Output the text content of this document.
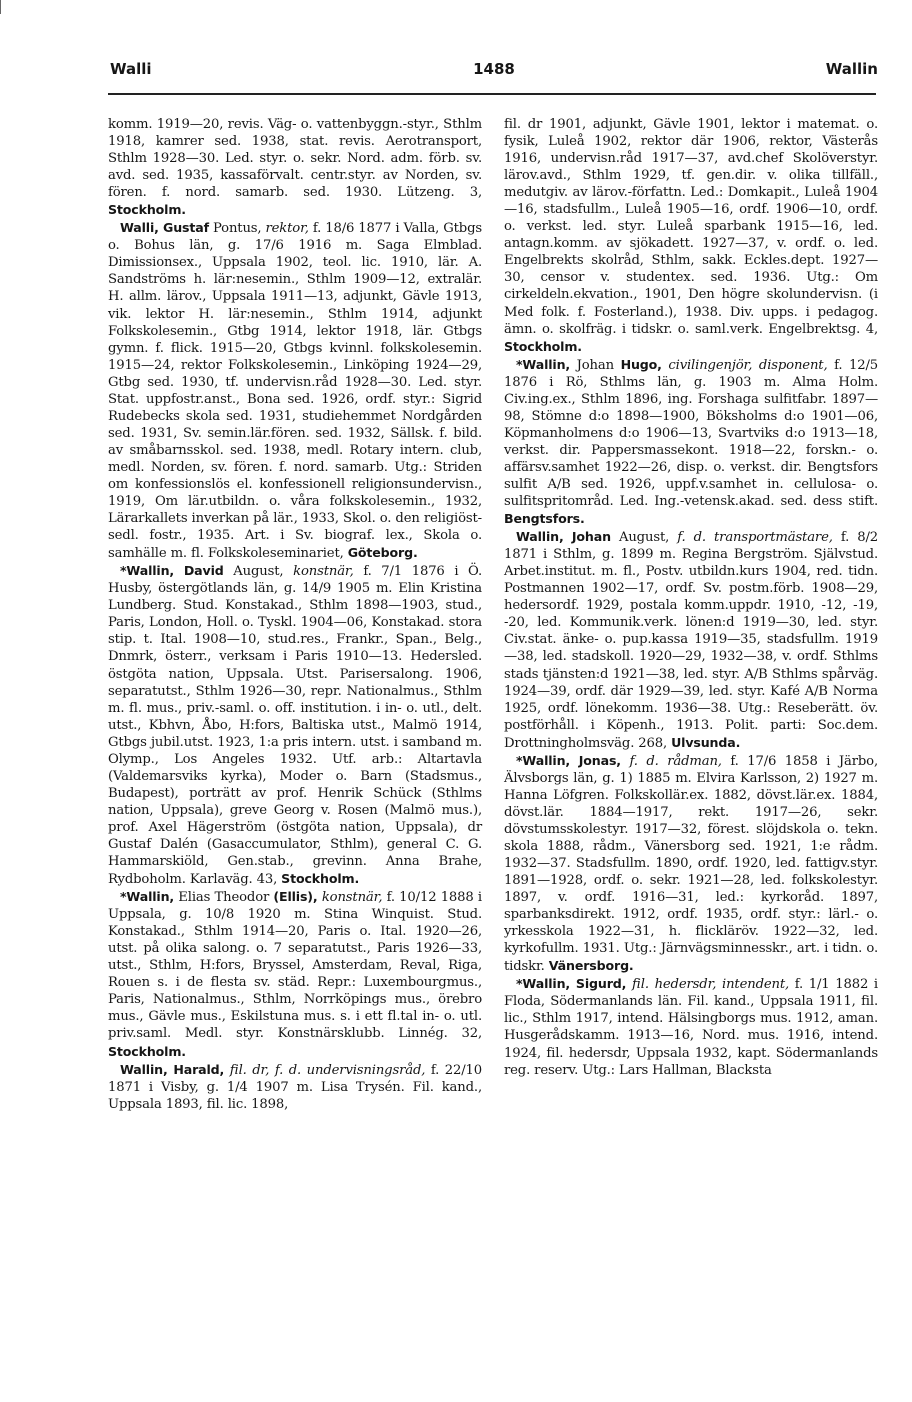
Walli	1488	Wallin

komm. 1919—20, revis. Väg- o. vattenbyggn.-styr., Sthlm 1918, kamrer sed. 1938, stat. revis. Aerotransport, Sthlm 1928—30. Led. styr. o. sekr. Nord. adm. förb. sv. avd. sed. 1935, kassaförvalt. centr.styr. av Norden, sv. fören. f. nord. samarb. sed. 1930. Lützeng. 3, Stockholm.

Walli, Gustaf Pontus, rektor, f. 18/6 1877 i Valla, Gtbgs o. Bohus län, g. 17/6 1916 m. Saga Elmblad. Dimissionsex., Uppsala 1902, teol. lic. 1910, lär. A. Sandströms h. lär:nesemin., Sthlm 1909—12, extralär. H. allm. lärov., Uppsala 1911—13, adjunkt, Gävle 1913, vik. lektor H. lär:nesemin., Sthlm 1914, adjunkt Folkskolesemin., Gtbg 1914, lektor 1918, lär. Gtbgs gymn. f. flick. 1915—20, Gtbgs kvinnl. folkskolesemin. 1915—24, rektor Folkskolesemin., Linköping 1924—29, Gtbg sed. 1930, tf. undervisn.råd 1928—30. Led. styr. Stat. uppfostr.anst., Bona sed. 1926, ordf. styr.: Sigrid Rudebecks skola sed. 1931, studiehemmet Nordgården sed. 1931, Sv. semin.lär.fören. sed. 1932, Sällsk. f. bild. av småbarnsskol. sed. 1938, medl. Rotary intern. club, medl. Norden, sv. fören. f. nord. samarb. Utg.: Striden om konfessionslös el. konfessionell religionsundervisn., 1919, Om lär.utbildn. o. våra folkskolesemin., 1932, Lärarkallets inverkan på lär., 1933, Skol. o. den religiöst-sedl. fostr., 1935. Art. i Sv. biograf. lex., Skola o. samhälle m. fl. Folkskoleseminariet, Göteborg.

*Wallin, David August, konstnär, f. 7/1 1876 i Ö. Husby, östergötlands län, g. 14/9 1905 m. Elin Kristina Lundberg. Stud. Konstakad., Sthlm 1898—1903, stud., Paris, London, Holl. o. Tyskl. 1904—06, Konstakad. stora stip. t. Ital. 1908—10, stud.res., Frankr., Span., Belg., Dnmrk, österr., verksam i Paris 1910—13. Hedersled. östgöta nation, Uppsala. Utst. Parisersalong. 1906, separatutst., Sthlm 1926—30, repr. Nationalmus., Sthlm m. fl. mus., priv.-saml. o. off. institution. i in- o. utl., delt. utst., Kbhvn, Åbo, H:fors, Baltiska utst., Malmö 1914, Gtbgs jubil.utst. 1923, 1:a pris intern. utst. i samband m. Olymp., Los Angeles 1932. Utf. arb.: Altartavla (Valdemarsviks kyrka), Moder o. Barn (Stadsmus., Budapest), porträtt av prof. Henrik Schück (Sthlms nation, Uppsala), greve Georg v. Rosen (Malmö mus.), prof. Axel Hägerström (östgöta nation, Uppsala), dr Gustaf Dalén (Gasaccumulator, Sthlm), general C. G. Hammarskiöld, Gen.stab., grevinn. Anna Brahe, Rydboholm. Karlaväg. 43, Stockholm.

*Wallin, Elias Theodor (Ellis), konstnär, f. 10/12 1888 i Uppsala, g. 10/8 1920 m. Stina Winquist. Stud. Konstakad., Sthlm 1914—20, Paris o. Ital. 1920—26, utst. på olika salong. o. 7 separatutst., Paris 1926—33, utst., Sthlm, H:fors, Bryssel, Amsterdam, Reval, Riga, Rouen s. i de flesta sv. städ. Repr.: Luxembourgmus., Paris, Nationalmus., Sthlm, Norrköpings mus., örebro mus., Gävle mus., Eskilstuna mus. s. i ett fl.tal in- o. utl. priv.saml. Medl. styr. Konstnärsklubb. Linnég. 32, Stockholm.

Wallin, Harald, fil. dr, f. d. undervisningsråd, f. 22/10 1871 i Visby, g. 1/4 1907 m. Lisa Trysén. Fil. kand., Uppsala 1893, fil. lic. 1898,

fil. dr 1901, adjunkt, Gävle 1901, lektor i matemat. o. fysik, Luleå 1902, rektor där 1906, rektor, Västerås 1916, undervisn.råd 1917—37, avd.chef Skolöverstyr. lärov.avd., Sthlm 1929, tf. gen.dir. v. olika tillfäll., medutgiv. av lärov.-författn. Led.: Domkapit., Luleå 1904—16, stadsfullm., Luleå 1905—16, ordf. 1906—10, ordf. o. verkst. led. styr. Luleå sparbank 1915—16, led. antagn.komm. av sjökadett. 1927—37, v. ordf. o. led. Engelbrekts skolråd, Sthlm, sakk. Eckles.dept. 1927—30, censor v. studentex. sed. 1936. Utg.: Om cirkeldeln.ekvation., 1901, Den högre skolundervisn. (i Med folk. f. Fosterland.), 1938. Div. upps. i pedagog. ämn. o. skolfräg. i tidskr. o. saml.verk. Engelbrektsg. 4, Stockholm.

*Wallin, Johan Hugo, civilingenjör, disponent, f. 12/5 1876 i Rö, Sthlms län, g. 1903 m. Alma Holm. Civ.ing.ex., Sthlm 1896, ing. Forshaga sulfitfabr. 1897—98, Stömne d:o 1898—1900, Böksholms d:o 1901—06, Köpmanholmens d:o 1906—13, Svartviks d:o 1913—18, verkst. dir. Pappersmassekont. 1918—22, forskn.- o. affärsv.samhet 1922—26, disp. o. verkst. dir. Bengtsfors sulfit A/B sed. 1926, uppf.v.samhet in. cellulosa- o. sulfitspritområd. Led. Ing.-vetensk.akad. sed. dess stift. Bengtsfors.

Wallin, Johan August, f. d. transportmästare, f. 8/2 1871 i Sthlm, g. 1899 m. Regina Bergström. Självstud. Arbet.institut. m. fl., Postv. utbildn.kurs 1904, red. tidn. Postmannen 1902—17, ordf. Sv. postm.förb. 1908—29, hedersordf. 1929, postala komm.uppdr. 1910, -12, -19, -20, led. Kommunik.verk. lönen:d 1919—30, led. styr. Civ.stat. änke- o. pup.kassa 1919—35, stadsfullm. 1919—38, led. stadskoll. 1920—29, 1932—38, v. ordf. Sthlms stads tjänsten:d 1921—38, led. styr. A/B Sthlms spårväg. 1924—39, ordf. där 1929—39, led. styr. Kafé A/B Norma 1925, ordf. lönekomm. 1936—38. Utg.: Reseberätt. öv. postförhåll. i Köpenh., 1913. Polit. parti: Soc.dem. Drottningholmsväg. 268, Ulvsunda.

*Wallin, Jonas, f. d. rådman, f. 17/6 1858 i Järbo, Älvsborgs län, g. 1) 1885 m. Elvira Karlsson, 2) 1927 m. Hanna Löfgren. Folkskollär.ex. 1882, dövst.lär.ex. 1884, dövst.lär. 1884—1917, rekt. 1917—26, sekr. dövstumsskolestyr. 1917—32, förest. slöjdskola o. tekn. skola 1888, rådm., Vänersborg sed. 1921, 1:e rådm. 1932—37. Stadsfullm. 1890, ordf. 1920, led. fattigv.styr. 1891—1928, ordf. o. sekr. 1921—28, led. folkskolestyr. 1897, v. ordf. 1916—31, led.: kyrkoråd. 1897, sparbanksdirekt. 1912, ordf. 1935, ordf. styr.: lärl.- o. yrkesskola 1922—31, h. flickläröv. 1922—32, led. kyrkofullm. 1931. Utg.: Järnvägsminnesskr., art. i tidn. o. tidskr. Vänersborg.

*Wallin, Sigurd, fil. hedersdr, intendent, f. 1/1 1882 i Floda, Södermanlands län. Fil. kand., Uppsala 1911, fil. lic., Sthlm 1917, intend. Hälsingborgs mus. 1912, aman. Husgerådskamm. 1913—16, Nord. mus. 1916, intend. 1924, fil. hedersdr, Uppsala 1932, kapt. Södermanlands reg. reserv. Utg.: Lars Hallman, Blacksta
